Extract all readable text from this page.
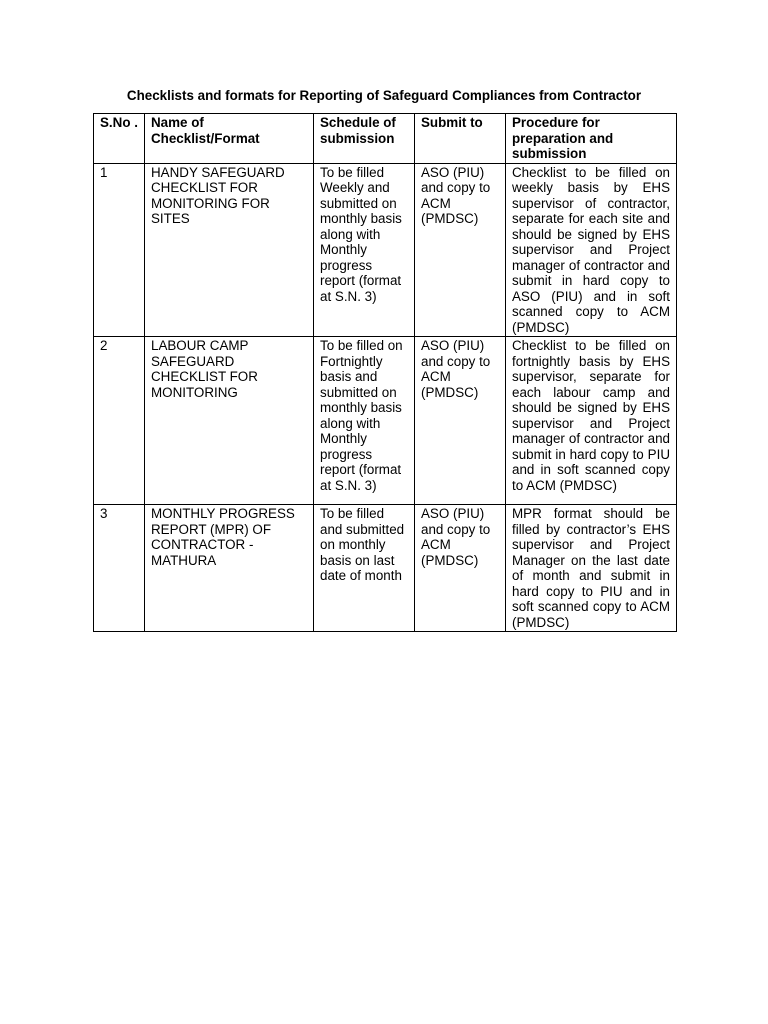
Checklists and formats for Reporting of Safeguard Compliances from Contractor
S.No .	Name of Checklist/Format	Schedule of submission	Submit to	Procedure for preparation and submission
1	HANDY SAFEGUARD CHECKLIST FOR MONITORING FOR SITES	To be filled Weekly and submitted on monthly basis along with Monthly progress report (format at S.N. 3)	ASO (PIU) and copy to ACM (PMDSC)	Checklist to be filled on weekly basis by EHS supervisor of contractor, separate for each site and should be signed by EHS supervisor and Project manager of contractor and submit in hard copy to ASO (PIU) and in soft scanned copy to ACM (PMDSC)
2	LABOUR CAMP SAFEGUARD CHECKLIST FOR MONITORING	To be filled on Fortnightly basis and submitted on monthly basis along with Monthly progress report (format at S.N. 3)	ASO (PIU) and copy to ACM (PMDSC)	Checklist to be filled on fortnightly basis by EHS supervisor, separate for each labour camp and should be signed by EHS supervisor and Project manager of contractor and submit in hard copy to PIU and in soft scanned copy to ACM (PMDSC)
3	MONTHLY PROGRESS REPORT (MPR) OF CONTRACTOR - MATHURA	To be filled and submitted on monthly basis on last date of month	ASO (PIU) and copy to ACM (PMDSC)	MPR format should be filled by contractor’s EHS supervisor and Project Manager on the last date of month and submit in hard copy to PIU and in soft scanned copy to ACM (PMDSC)
